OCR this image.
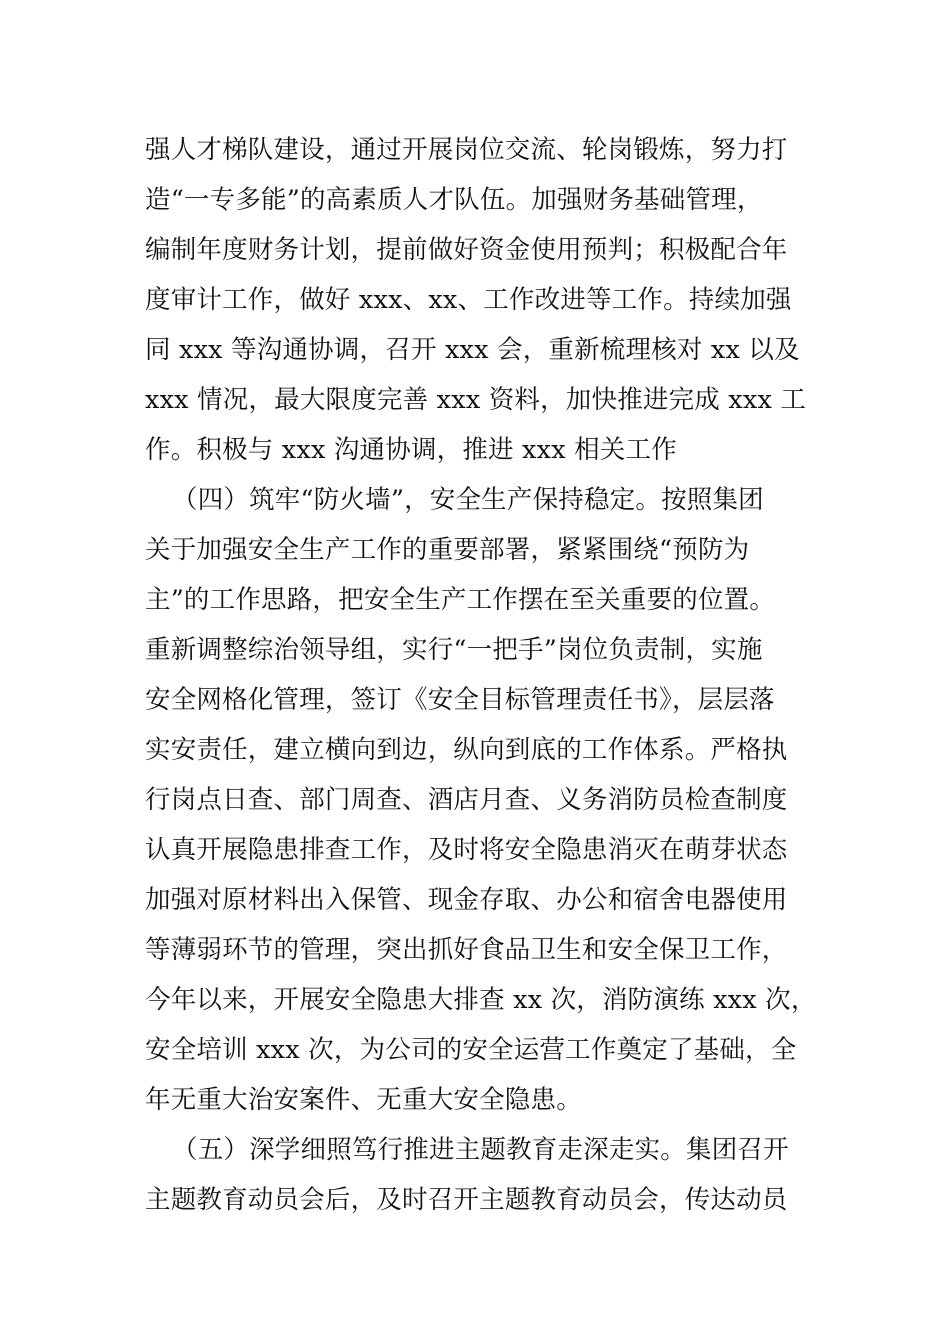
强人才梯队建设，通过开展岗位交流、轮岗锻炼，努力打
造“一专多能”的高素质人才队伍。加强财务基础管理，
编制年度财务计划，提前做好资金使用预判；积极配合年
度审计工作，做好 xxx、xx、工作改进等工作。持续加强
同 xxx 等沟通协调，召开 xxx 会，重新梳理核对 xx 以及
xxx 情况，最大限度完善 xxx 资料，加快推进完成 xxx 工
作。积极与 xxx 沟通协调，推进 xxx 相关工作
（四）筑牢“防火墙”，安全生产保持稳定。按照集团
关于加强安全生产工作的重要部署，紧紧围绕“预防为
主”的工作思路，把安全生产工作摆在至关重要的位置。
重新调整综治领导组，实行“一把手”岗位负责制，实施
安全网格化管理，签订《安全目标管理责任书》，层层落
实安责任，建立横向到边，纵向到底的工作体系。严格执
行岗点日查、部门周查、酒店月查、义务消防员检查制度
认真开展隐患排查工作，及时将安全隐患消灭在萌芽状态
加强对原材料出入保管、现金存取、办公和宿舍电器使用
等薄弱环节的管理，突出抓好食品卫生和安全保卫工作，
今年以来，开展安全隐患大排查 xx 次，消防演练 xxx 次，
安全培训 xxx 次，为公司的安全运营工作奠定了基础，全
年无重大治安案件、无重大安全隐患。
（五）深学细照笃行推进主题教育走深走实。集团召开
主题教育动员会后，及时召开主题教育动员会，传达动员
